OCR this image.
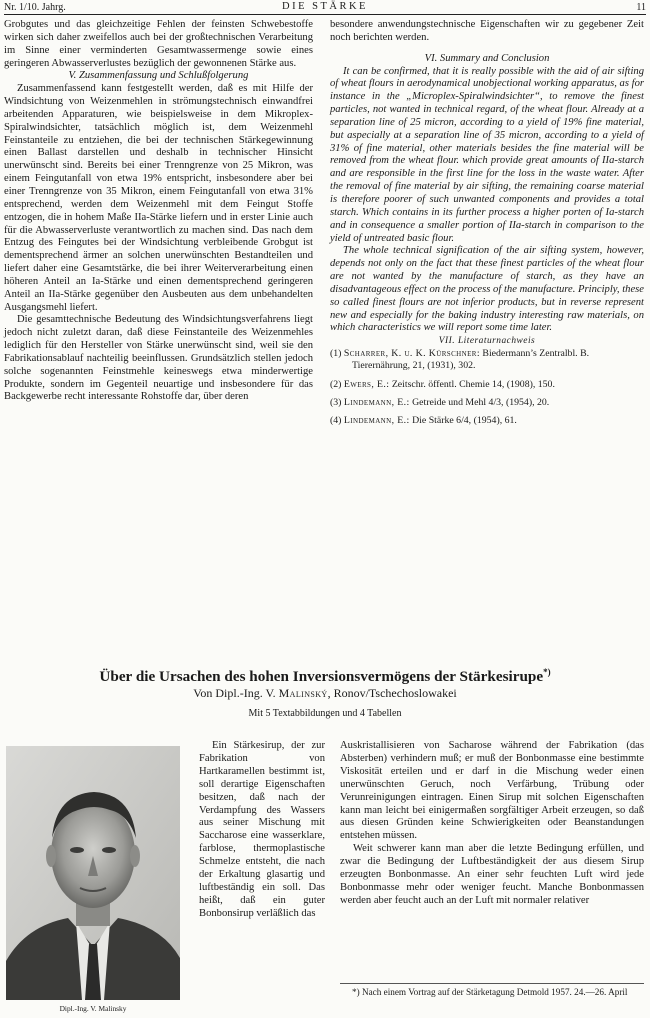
Nr. 1/10. Jahrg.	DIE STÄRKE	11

Grobgutes und das gleichzeitige Fehlen der feinsten Schwebestoffe wirken sich daher zweifellos auch bei der großtechnischen Verarbeitung im Sinne einer verminderten Gesamtwassermenge sowie eines geringeren Abwasserverlustes bezüglich der gewonnenen Stärke aus.

V. Zusammenfassung und Schlußfolgerung

Zusammenfassend kann festgestellt werden, daß es mit Hilfe der Windsichtung von Weizenmehlen in strömungstechnisch einwandfrei arbeitenden Apparaturen, wie beispielsweise in dem Mikroplex-Spiralwindsichter, tatsächlich möglich ist, dem Weizenmehl Feinstanteile zu entziehen, die bei der technischen Stärkegewinnung einen Ballast darstellen und deshalb in technischer Hinsicht unerwünscht sind. Bereits bei einer Trenngrenze von 25 Mikron, was einem Feingutanfall von etwa 19% entspricht, insbesondere aber bei einer Trenngrenze von 35 Mikron, einem Feingutanfall von etwa 31% entsprechend, werden dem Weizenmehl mit dem Feingut Stoffe entzogen, die in hohem Maße IIa-Stärke liefern und in erster Linie auch für die Abwasserverluste verantwortlich zu machen sind. Das nach dem Entzug des Feingutes bei der Windsichtung verbleibende Grobgut ist dementsprechend ärmer an solchen unerwünschten Bestandteilen und liefert daher eine Gesamtstärke, die bei ihrer Weiterverarbeitung einen höheren Anteil an Ia-Stärke und einen dementsprechend geringeren Anteil an IIa-Stärke gegenüber den Ausbeuten aus dem unbehandelten Ausgangsmehl liefert.

Die gesamttechnische Bedeutung des Windsichtungsverfahrens liegt jedoch nicht zuletzt daran, daß diese Feinstanteile des Weizenmehles lediglich für den Hersteller von Stärke unerwünscht sind, weil sie den Fabrikationsablauf nachteilig beeinflussen. Grundsätzlich stellen jedoch solche sogenannten Feinstmehle keineswegs etwa minderwertige Produkte, sondern im Gegenteil neuartige und insbesondere für das Backgewerbe recht interessante Rohstoffe dar, über deren

besondere anwendungstechnische Eigenschaften wir zu gegebener Zeit noch berichten werden.

VI. Summary and Conclusion

It can be confirmed, that it is really possible with the aid of air sifting of wheat flours in aerodynamical unobjectional working apparatus, as for instance in the „Microplex-Spiralwindsichter“, to remove the finest particles, not wanted in technical regard, of the wheat flour. Already at a separation line of 25 micron, according to a yield of 19% fine material, but aspecially at a separation line of 35 micron, according to a yield of 31% of fine material, other materials besides the fine material will be removed from the wheat flour. which provide great amounts of IIa-starch and are responsible in the first line for the loss in the waste water. After the removal of fine material by air sifting, the remaining coarse material is therefore poorer of such unwanted components and provides a total starch. Which contains in its further process a higher porten of Ia-starch and in consequence a smaller portion of IIa-starch in comparison to the yield of untreated basic flour.

The whole technical signification of the air sifting system, however, depends not only on the fact that these finest particles of the wheat flour are not wanted by the manufacture of starch, as they have an disadvantageous effect on the process of the manufacture. Principly, these so called finest flours are not inferior products, but in reverse represent new and especially for the baking industry interesting raw materials, on which characteristics we will report some time later.

VII. Literaturnachweis

(1) Scharrer, K. u. K. Kürschner: Biedermann’s Zentralbl. B. Tierernährung, 21, (1931), 302.
(2) Ewers, E.: Zeitschr. öffentl. Chemie 14, (1908), 150.
(3) Lindemann, E.: Getreide und Mehl 4/3, (1954), 20.
(4) Lindemann, E.: Die Stärke 6/4, (1954), 61.
Über die Ursachen des hohen Inversionsvermögens der Stärkesirupe*)
Von Dipl.-Ing. V. Malinský, Ronov/Tschechoslowakei
Mit 5 Textabbildungen und 4 Tabellen
Dipl.-Ing. V. Malinsky

Ein Stärkesirup, der zur Fabrikation von Hartkaramellen bestimmt ist, soll derartige Eigenschaften besitzen, daß nach der Verdampfung des Wassers aus seiner Mischung mit Saccharose eine wasserklare, farblose, thermoplastische Schmelze entsteht, die nach der Erkaltung glasartig und luftbeständig ein soll. Das heißt, daß ein guter Bonbonsirup verläßlich das

Auskristallisieren von Sacharose während der Fabrikation (das Absterben) verhindern muß; er muß der Bonbonmasse eine bestimmte Viskosität erteilen und er darf in die Mischung weder einen unerwünschten Geruch, noch Verfärbung, Trübung oder Verunreinigungen eintragen. Einen Sirup mit solchen Eigenschaften kann man leicht bei einigermaßen sorgfältiger Arbeit erzeugen, so daß aus diesen Gründen keine Schwierigkeiten oder Beanstandungen entstehen müssen.

Weit schwerer kann man aber die letzte Bedingung erfüllen, und zwar die Bedingung der Luftbeständigkeit der aus diesem Sirup erzeugten Bonbonmasse. An einer sehr feuchten Luft wird jede Bonbonmasse mehr oder weniger feucht. Manche Bonbonmassen werden aber feucht auch an der Luft mit normaler relativer

*) Nach einem Vortrag auf der Stärketagung Detmold 1957. 24.—26. April
